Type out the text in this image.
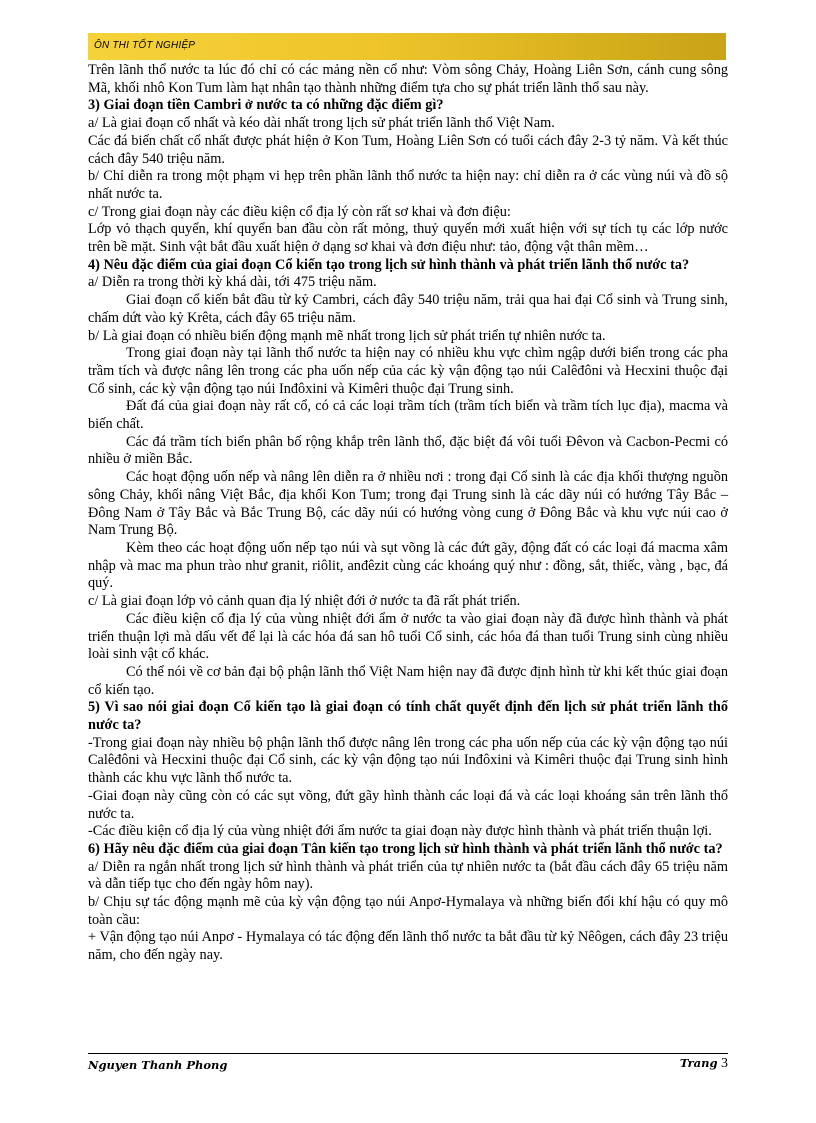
ÔN THI TỐT NGHIỆP

Trên lãnh thổ nước ta lúc đó chỉ có các mảng nền cổ như: Vòm sông Chảy, Hoàng Liên Sơn, cánh cung sông Mã, khối nhô Kon Tum làm hạt nhân tạo thành những điểm tựa cho sự phát triển lãnh thổ sau này.

3) Giai đoạn tiền Cambri ở nước ta có những đặc điểm gì?

a/ Là giai đoạn cổ nhất và kéo dài nhất trong lịch sử phát triển lãnh thổ Việt Nam.

Các đá biến chất cổ nhất được phát hiện ở Kon Tum, Hoàng Liên Sơn có tuổi cách đây 2-3 tỷ năm. Và kết thúc cách đây 540 triệu năm.

b/ Chỉ diễn ra trong một phạm vi hẹp trên phần lãnh thổ nước ta hiện nay: chỉ diễn ra ở các vùng núi và đồ sộ nhất nước ta.

c/ Trong giai đoạn này các điều kiện cổ địa lý còn rất sơ khai và đơn điệu:

Lớp vỏ thạch quyển, khí quyển ban đầu còn rất mỏng, thuỷ quyển mới xuất hiện với sự tích tụ các lớp nước trên bề mặt. Sinh vật bắt đầu xuất hiện ở dạng sơ khai và đơn điệu như: tảo, động vật thân mềm…

4) Nêu đặc điểm của giai đoạn Cổ kiến tạo trong lịch sử hình thành và phát triển lãnh thổ nước ta?

a/ Diễn ra trong thời kỳ khá dài, tới 475 triệu năm.

Giai đoạn cổ kiến bắt đầu từ kỷ Cambri, cách đây 540 triệu năm, trải qua hai đại Cổ sinh và Trung sinh, chấm dứt vào kỷ Krêta, cách đây 65 triệu năm.

b/ Là giai đoạn có nhiều biến động mạnh mẽ nhất trong lịch sử phát triển tự nhiên nước ta.

Trong giai đoạn này tại lãnh thổ nước ta hiện nay có nhiều khu vực chìm ngập dưới biển trong các pha trầm tích và được nâng lên trong các pha uốn nếp của các kỳ vận động tạo núi Calêđôni và Hecxini thuộc đại Cổ sinh, các kỳ vận động tạo núi Inđôxini và Kimêri thuộc đại Trung sinh.

Đất đá của giai đoạn này rất cổ, có cả các loại trầm tích (trầm tích biển và trầm tích lục địa), macma và biến chất.

Các đá trầm tích biển phân bố rộng khắp trên lãnh thổ, đặc biệt đá vôi tuổi Đêvon và Cacbon-Pecmi có nhiều ở miền Bắc.

Các hoạt động uốn nếp và nâng lên diễn ra ở nhiều nơi : trong đại Cổ sinh là các địa khối thượng nguồn sông Chảy, khối nâng Việt Bắc, địa khối Kon Tum; trong đại Trung sinh là các dãy núi có hướng Tây Bắc – Đông Nam ở Tây Bắc và Bắc Trung Bộ, các dãy núi có hướng vòng cung ở Đông Bắc và khu vực núi cao ở Nam Trung Bộ.

Kèm theo các hoạt động uốn nếp tạo núi và sụt võng là các đứt gãy, động đất có các loại đá macma xâm nhập và mac ma phun trào như granit, riôlit, anđêzit cùng các khoáng quý như : đồng, sắt, thiếc, vàng , bạc, đá quý.

c/ Là giai đoạn lớp vỏ cảnh quan địa lý nhiệt đới ở nước ta đã rất phát triển.

Các điều kiện cổ địa lý của vùng nhiệt đới ẩm ở nước ta vào giai đoạn này đã được hình thành và phát triển thuận lợi mà dấu vết để lại là các hóa đá san hô tuổi Cổ sinh, các hóa đá than tuổi Trung sinh cùng nhiều loài sinh vật cổ khác.

Có thể nói về cơ bản đại bộ phận lãnh thổ Việt Nam hiện nay đã được định hình từ khi kết thúc giai đoạn cổ kiến tạo.

5) Vì sao nói giai đoạn Cổ kiến tạo là giai đoạn có tính chất quyết định đến lịch sử phát triển lãnh thổ nước ta?

-Trong giai đoạn này nhiều bộ phận lãnh thổ được nâng lên trong các pha uốn nếp của các kỳ vận động tạo núi Calêđôni và Hecxini thuộc đại Cổ sinh, các kỳ vận động tạo núi Inđôxini và Kimêri thuộc đại Trung sinh hình thành các khu vực lãnh thổ nước ta.

-Giai đoạn này cũng còn có các sụt võng, đứt gãy hình thành các loại đá và các loại khoáng sản trên lãnh thổ nước ta.

-Các điều kiện cổ địa lý của vùng nhiệt đới ẩm nước ta giai đoạn này được hình thành và phát triển thuận lợi.

6) Hãy nêu đặc điểm của giai đoạn Tân kiến tạo trong lịch sử hình thành và phát triển lãnh thổ nước ta?

a/ Diễn ra ngắn nhất trong lịch sử hình thành và phát triển của tự nhiên nước ta (bắt đầu cách đây 65 triệu năm và dẫn tiếp tục cho đến ngày hôm nay).

b/ Chịu sự tác động mạnh mẽ của kỳ vận động tạo núi Anpơ-Hymalaya và những biến đổi khí hậu có quy mô toàn cầu:

+ Vận động tạo núi Anpơ - Hymalaya có tác động đến lãnh thổ nước ta bắt đầu từ kỷ Nêôgen, cách đây 23 triệu năm, cho đến ngày nay.

Nguyen Thanh Phong	Trang 3
